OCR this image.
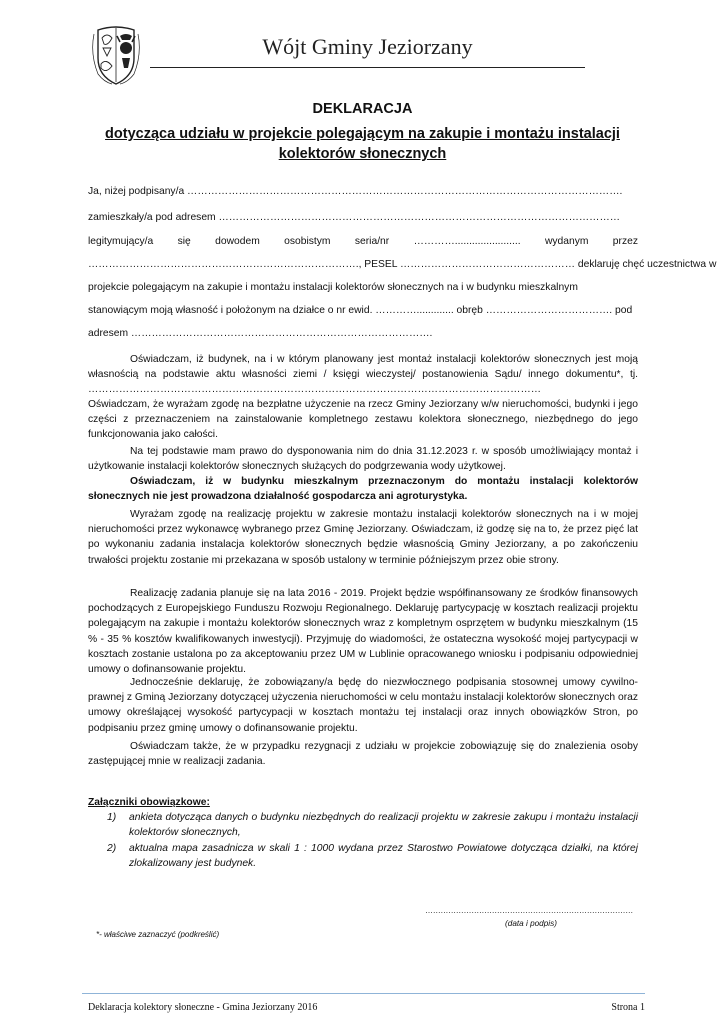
Wójt Gminy Jeziorzany
DEKLARACJA
dotycząca udziału w projekcie polegającym na zakupie i montażu instalacji kolektorów słonecznych
Ja, niżej podpisany/a ……………………………………………………………………………………………………………….
zamieszkały/a pod adresem ………………………………………………………………………………………………………
legitymujący/a się dowodem osobistym seria/nr …………....................... wydanym przez
……………………………………………………………………., PESEL …………………………………………… deklaruję chęć uczestnictwa w
projekcie polegającym na zakupie i montażu instalacji kolektorów słonecznych na i w budynku mieszkalnym
stanowiącym moją własność i położonym na działce o nr ewid. …………............. obręb ………………………………. pod
adresem …………………………………………………………………………….

Oświadczam, iż budynek, na i w którym planowany jest montaż instalacji kolektorów słonecznych jest moją własnością na podstawie aktu własności ziemi / księgi wieczystej/ postanowienia Sądu/ innego dokumentu*, tj. ……………………………………………………………………………………………………………………

Oświadczam, że wyrażam zgodę na bezpłatne użyczenie na rzecz Gminy Jeziorzany w/w nieruchomości, budynki i jego części z przeznaczeniem na zainstalowanie kompletnego zestawu kolektora słonecznego, niezbędnego do jego funkcjonowania jako całości.

Na tej podstawie mam prawo do dysponowania nim do dnia 31.12.2023 r. w sposób umożliwiający montaż i użytkowanie instalacji kolektorów słonecznych służących do podgrzewania wody użytkowej.

Oświadczam, iż w budynku mieszkalnym przeznaczonym do montażu instalacji kolektorów słonecznych nie jest prowadzona działalność gospodarcza ani agroturystyka.

Wyrażam zgodę na realizację projektu w zakresie montażu instalacji kolektorów słonecznych na i w mojej nieruchomości przez wykonawcę wybranego przez Gminę Jeziorzany. Oświadczam, iż godzę się na to, że przez pięć lat po wykonaniu zadania instalacja kolektorów słonecznych będzie własnością Gminy Jeziorzany, a po zakończeniu trwałości projektu zostanie mi przekazana w sposób ustalony w terminie późniejszym przez obie strony.

Realizację zadania planuje się na lata 2016 - 2019. Projekt będzie współfinansowany ze środków finansowych pochodzących z Europejskiego Funduszu Rozwoju Regionalnego. Deklaruję partycypację w kosztach realizacji projektu polegającym na zakupie i montażu kolektorów słonecznych wraz z kompletnym osprzętem w budynku mieszkalnym (15 % - 35 % kosztów kwalifikowanych inwestycji). Przyjmuję do wiadomości, że ostateczna wysokość mojej partycypacji w kosztach zostanie ustalona po za akceptowaniu przez UM w Lublinie opracowanego wniosku i podpisaniu odpowiedniej umowy o dofinansowanie projektu.

Jednocześnie deklaruję, że zobowiązany/a będę do niezwłocznego podpisania stosownej umowy cywilno-prawnej z Gminą Jeziorzany dotyczącej użyczenia nieruchomości w celu montażu instalacji kolektorów słonecznych oraz umowy określającej wysokość partycypacji w kosztach montażu tej instalacji oraz innych obowiązków Stron, po podpisaniu przez gminę umowy o dofinansowanie projektu.

Oświadczam także, że w przypadku rezygnacji z udziału w projekcie zobowiązuję się do znalezienia osoby zastępującej mnie w realizacji zadania.

Załączniki obowiązkowe:
1)	ankieta dotycząca danych o budynku niezbędnych do realizacji projektu w zakresie zakupu i montażu instalacji kolektorów słonecznych,
2)	aktualna mapa zasadnicza w skali 1 : 1000 wydana przez Starostwo Powiatowe dotycząca działki, na której zlokalizowany jest budynek.
………………………………………………………………………
(data i podpis)
*- właściwe zaznaczyć (podkreślić)
Deklaracja kolektory słoneczne - Gmina Jeziorzany 2016	Strona 1
